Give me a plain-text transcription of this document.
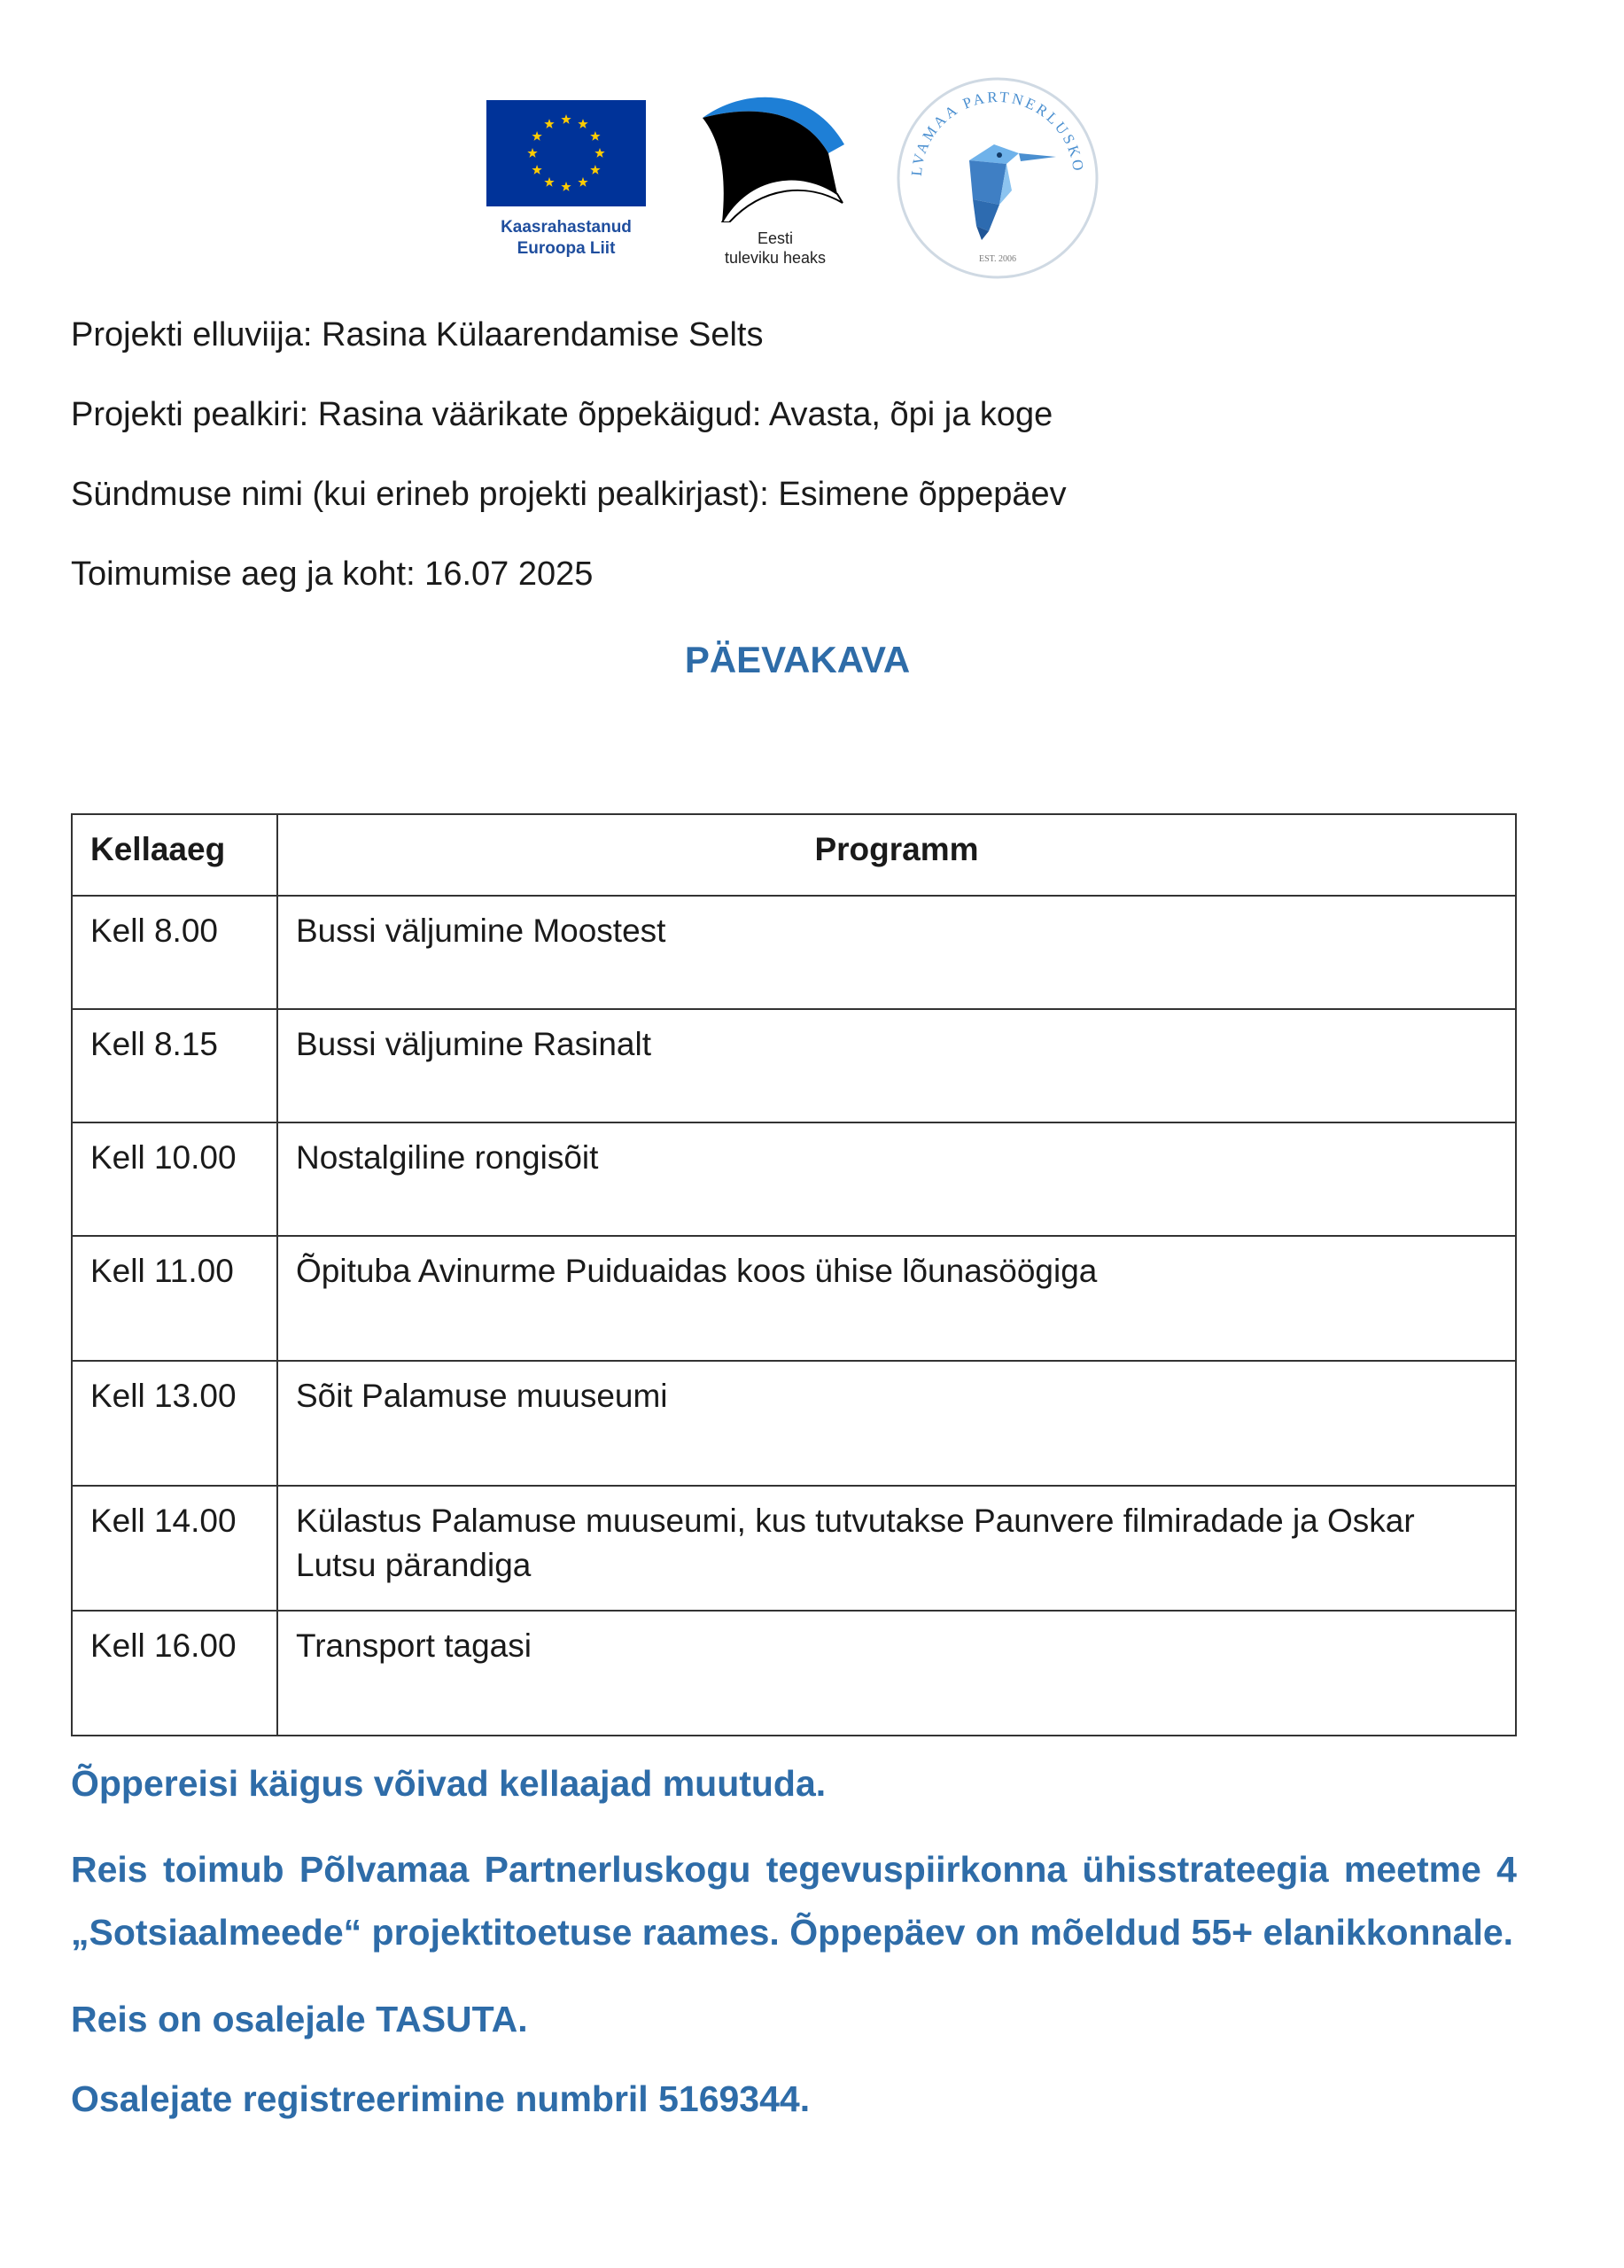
Kaasrahastanud
Euroopa Liit
Eesti
tuleviku heaks
LVAMAA PARTNERLUSKO
EST. 2006

Projekti elluviija: Rasina Külaarendamise Selts

Projekti pealkiri: Rasina väärikate õppekäigud: Avasta, õpi ja koge

Sündmuse nimi (kui erineb projekti pealkirjast): Esimene õppepäev

Toimumise aeg ja koht: 16.07 2025

PÄEVAKAVA
Kellaaeg	Programm
Kell 8.00	Bussi väljumine Moostest
Kell 8.15	Bussi väljumine Rasinalt
Kell 10.00	Nostalgiline rongisõit
Kell 11.00	Õpituba Avinurme Puiduaidas koos ühise lõunasöögiga
Kell 13.00	Sõit Palamuse muuseumi
Kell 14.00	Külastus Palamuse muuseumi, kus tutvutakse Paunvere filmiradade ja Oskar Lutsu pärandiga
Kell 16.00	Transport tagasi

Õppereisi käigus võivad kellaajad muutuda.

Reis toimub Põlvamaa Partnerluskogu tegevuspiirkonna ühisstrateegia meetme 4 „Sotsiaalmeede“ projektitoetuse raames. Õppepäev on mõeldud 55+ elanikkonnale.

Reis on osalejale TASUTA.

Osalejate registreerimine numbril 5169344.
